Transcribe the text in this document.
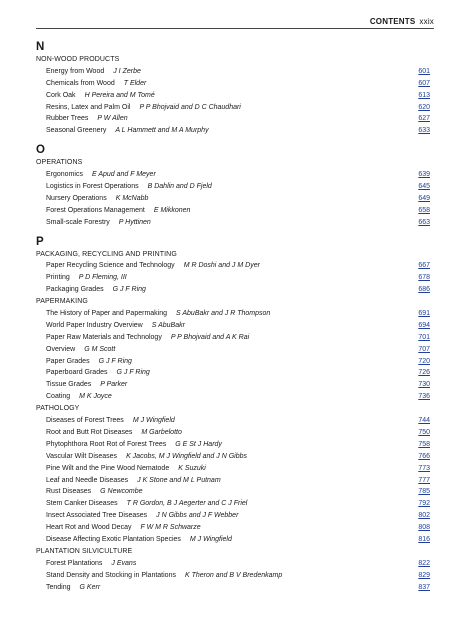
CONTENTS xxix
N
NON-WOOD PRODUCTS
Energy from Wood J I Zerbe	601
Chemicals from Wood T Elder	607
Cork Oak H Pereira and M Tomé	613
Resins, Latex and Palm Oil P P Bhojvaid and D C Chaudhari	620
Rubber Trees P W Allen	627
Seasonal Greenery A L Hammett and M A Murphy	633
O
OPERATIONS
Ergonomics E Apud and F Meyer	639
Logistics in Forest Operations B Dahlin and D Fjeld	645
Nursery Operations K McNabb	649
Forest Operations Management E Mikkonen	658
Small-scale Forestry P Hyttinen	663
P
PACKAGING, RECYCLING AND PRINTING
Paper Recycling Science and Technology M R Doshi and J M Dyer	667
Printing P D Fleming, III	678
Packaging Grades G J F Ring	686
PAPERMAKING
The History of Paper and Papermaking S AbuBakr and J R Thompson	691
World Paper Industry Overview S AbuBakr	694
Paper Raw Materials and Technology P P Bhojvaid and A K Rai	701
Overview G M Scott	707
Paper Grades G J F Ring	720
Paperboard Grades G J F Ring	726
Tissue Grades P Parker	730
Coating M K Joyce	736
PATHOLOGY
Diseases of Forest Trees M J Wingfield	744
Root and Butt Rot Diseases M Garbelotto	750
Phytophthora Root Rot of Forest Trees G E St J Hardy	758
Vascular Wilt Diseases K Jacobs, M J Wingfield and J N Gibbs	766
Pine Wilt and the Pine Wood Nematode K Suzuki	773
Leaf and Needle Diseases J K Stone and M L Putnam	777
Rust Diseases G Newcombe	785
Stem Canker Diseases T R Gordon, B J Aegerter and C J Friel	792
Insect Associated Tree Diseases J N Gibbs and J F Webber	802
Heart Rot and Wood Decay F W M R Schwarze	808
Disease Affecting Exotic Plantation Species M J Wingfield	816
PLANTATION SILVICULTURE
Forest Plantations J Evans	822
Stand Density and Stocking in Plantations K Theron and B V Bredenkamp	829
Tending G Kerr	837
